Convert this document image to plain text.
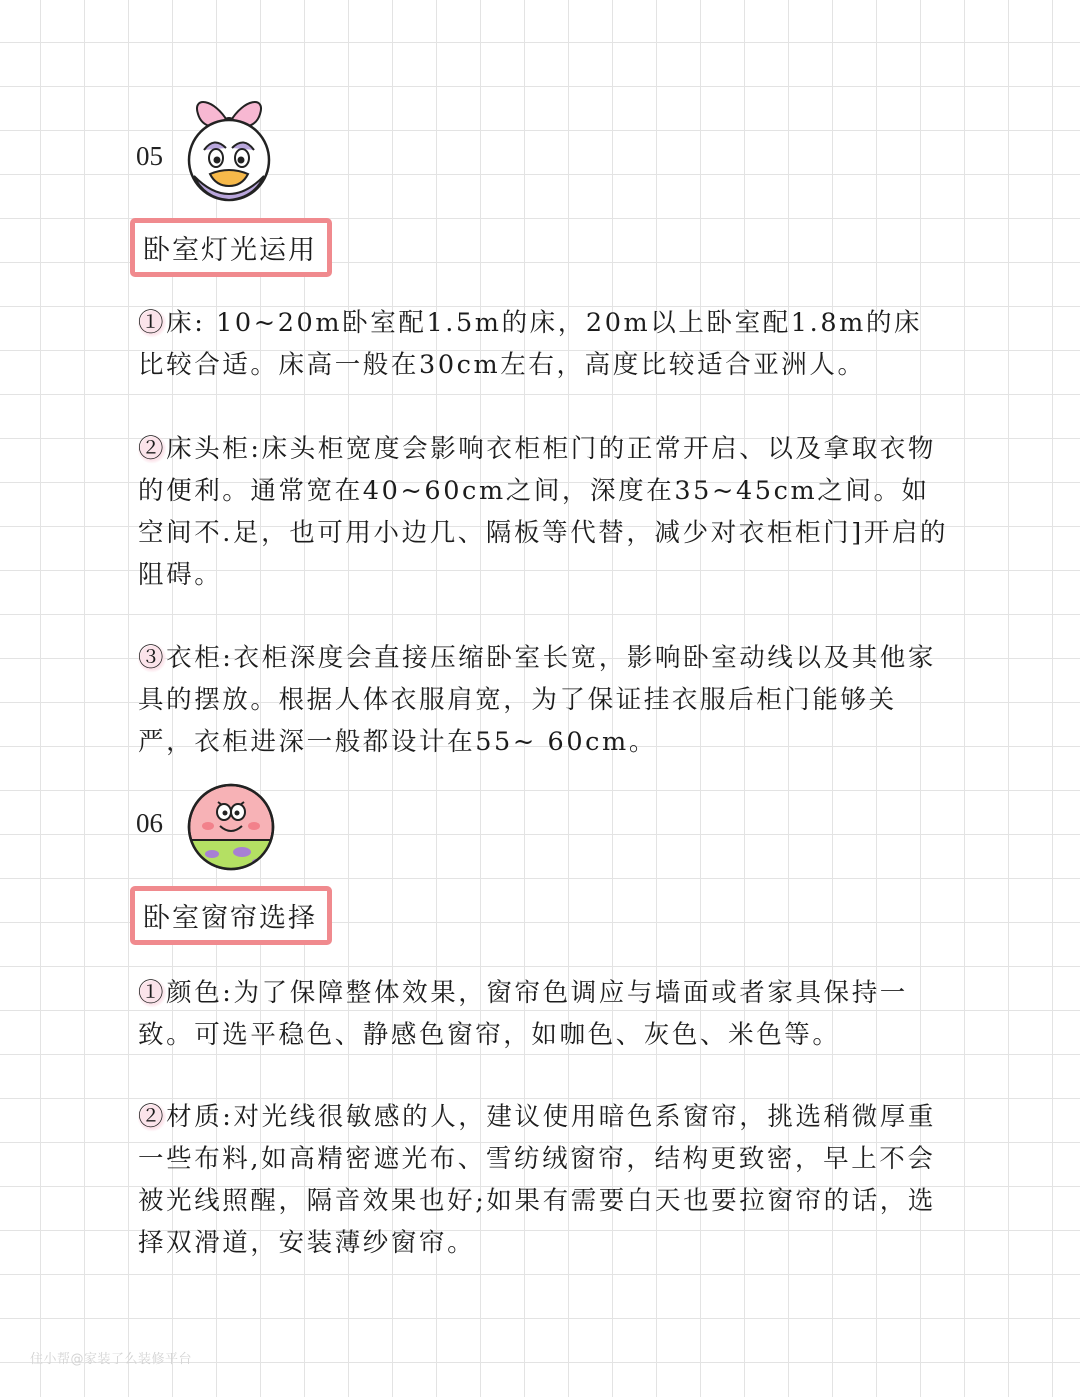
05
卧室灯光运用

①床: 10~20m卧室配1.5m的床，20m以上卧室配1.8m的床比较合适。床高一般在30cm左右，高度比较适合亚洲人。

②床头柜:床头柜宽度会影响衣柜柜门的正常开启、以及拿取衣物的便利。通常宽在40~60cm之间，深度在35~45cm之间。如空间不.足，也可用小边几、隔板等代替，减少对衣柜柜门]开启的阻碍。

③衣柜:衣柜深度会直接压缩卧室长宽，影响卧室动线以及其他家具的摆放。根据人体衣服肩宽，为了保证挂衣服后柜门能够关严，衣柜进深一般都设计在55~ 60cm。

06
卧室窗帘选择

①颜色:为了保障整体效果，窗帘色调应与墙面或者家具保持一致。可选平稳色、静感色窗帘，如咖色、灰色、米色等。

②材质:对光线很敏感的人，建议使用暗色系窗帘，挑选稍微厚重一些布料,如高精密遮光布、雪纺绒窗帘，结构更致密，早上不会被光线照醒，隔音效果也好;如果有需要白天也要拉窗帘的话，选择双滑道，安装薄纱窗帘。

住小帮@家装了么装修平台
